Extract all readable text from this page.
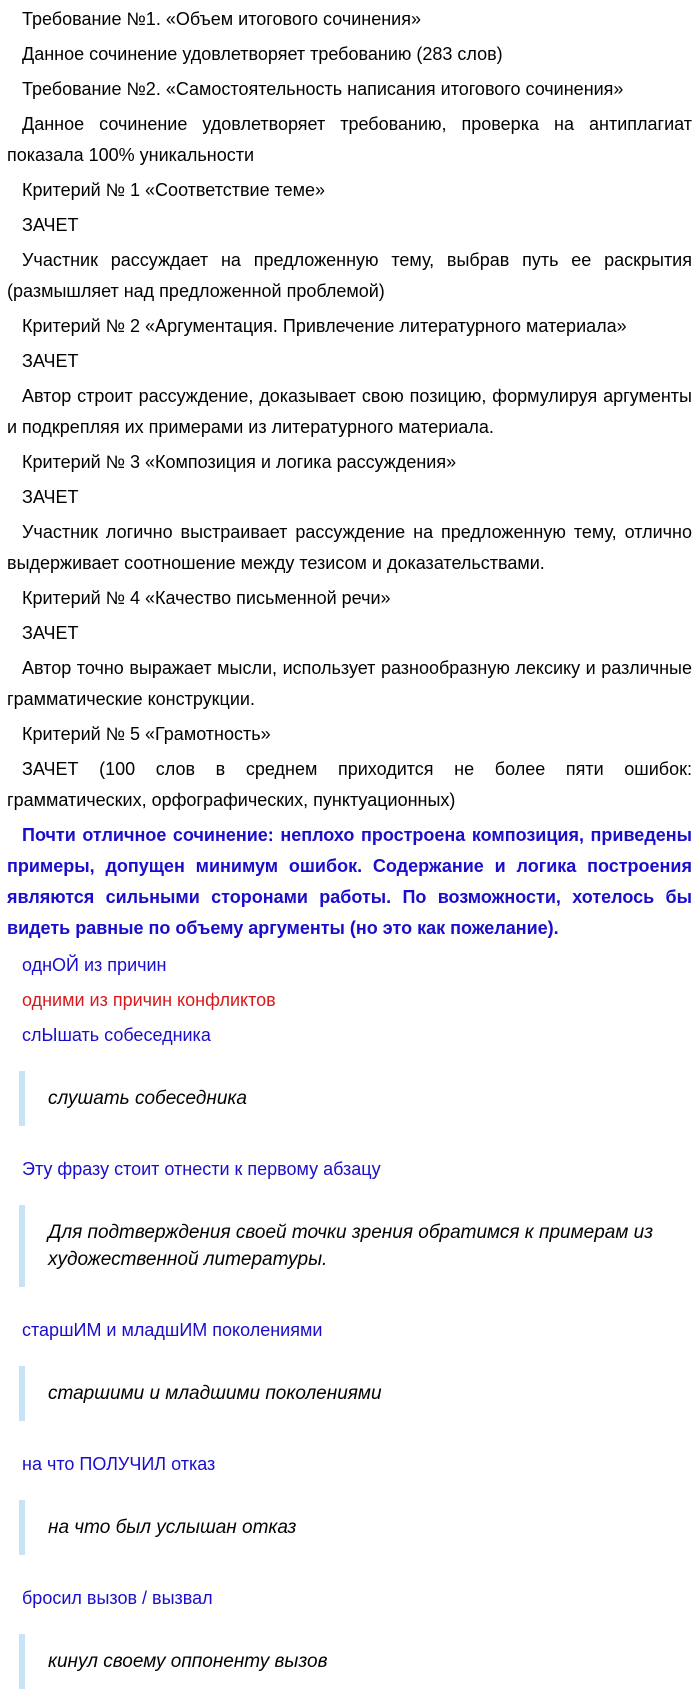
Требование №1. «Объем итогового сочинения»

Данное сочинение удовлетворяет требованию (283 слов)

Требование №2. «Самостоятельность написания итогового сочинения»

Данное сочинение удовлетворяет требованию, проверка на антиплагиат показала 100% уникальности

Критерий № 1 «Соответствие теме»

ЗАЧЕТ

Участник рассуждает на предложенную тему, выбрав путь ее раскрытия (размышляет над предложенной проблемой)

Критерий № 2 «Аргументация. Привлечение литературного материала»

ЗАЧЕТ

Автор строит рассуждение, доказывает свою позицию, формулируя аргументы и подкрепляя их примерами из литературного материала.

Критерий № 3 «Композиция и логика рассуждения»

ЗАЧЕТ

Участник логично выстраивает рассуждение на предложенную тему, отлично выдерживает соотношение между тезисом и доказательствами.

Критерий № 4 «Качество письменной речи»

ЗАЧЕТ

Автор точно выражает мысли, использует разнообразную лексику и различные грамматические конструкции.

Критерий № 5 «Грамотность»

ЗАЧЕТ (100 слов в среднем приходится не более пяти ошибок: грамматических, орфографических, пунктуационных)

Почти отличное сочинение: неплохо простроена композиция, приведены примеры, допущен минимум ошибок. Содержание и логика построения являются сильными сторонами работы. По возможности, хотелось бы видеть равные по объему аргументы (но это как пожелание).

однОЙ из причин

одними из причин конфликтов

слЫшать собеседника

слушать собеседника

Эту фразу стоит отнести к первому абзацу

Для подтверждения своей точки зрения обратимся к примерам из художественной литературы.

старшИМ и младшИМ поколениями

старшими и младшими поколениями

на что ПОЛУЧИЛ отказ

на что был услышан отказ

бросил вызов / вызвал

кинул своему оппоненту вызов
